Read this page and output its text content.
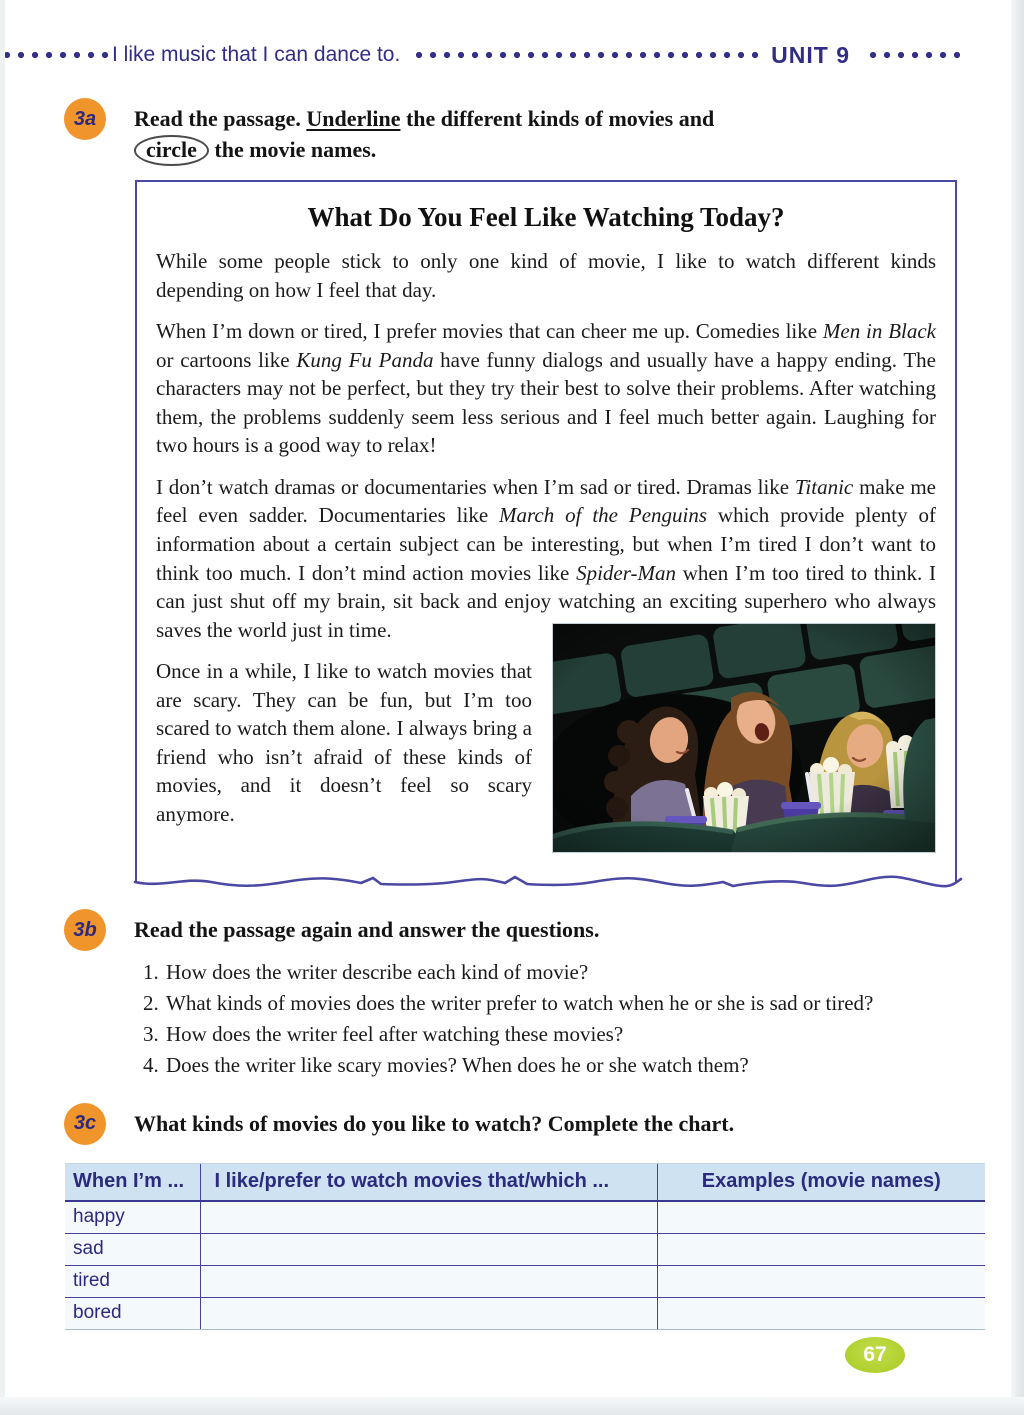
I like music that I can dance to.	UNIT 9
3a	Read the passage. Underline the different kinds of movies and
circle the movie names.
What Do You Feel Like Watching Today?

While some people stick to only one kind of movie, I like to watch different kinds depending on how I feel that day.

When I’m down or tired, I prefer movies that can cheer me up. Comedies like Men in Black or cartoons like Kung Fu Panda have funny dialogs and usually have a happy ending. The characters may not be perfect, but they try their best to solve their problems. After watching them, the problems suddenly seem less serious and I feel much better again. Laughing for two hours is a good way to relax!

I don’t watch dramas or documentaries when I’m sad or tired. Dramas like Titanic make me feel even sadder. Documentaries like March of the Penguins which provide plenty of information about a certain subject can be interesting, but when I’m tired I don’t want to think too much. I don’t mind action movies like Spider-Man when I’m too tired to think. I can just shut off my brain, sit back and enjoy watching an exciting superhero who always saves the world just in time.

Once in a while, I like to watch movies that are scary. They can be fun, but I’m too scared to watch them alone. I always bring a friend who isn’t afraid of these kinds of movies, and it doesn’t feel so scary anymore.

3b	Read the passage again and answer the questions.
1. How does the writer describe each kind of movie?
2. What kinds of movies does the writer prefer to watch when he or she is sad or tired?
3. How does the writer feel after watching these movies?
4. Does the writer like scary movies? When does he or she watch them?
3c	What kinds of movies do you like to watch? Complete the chart.
When I’m ...	I like/prefer to watch movies that/which ...	Examples (movie names)
happy		
sad		
tired		
bored		
67
